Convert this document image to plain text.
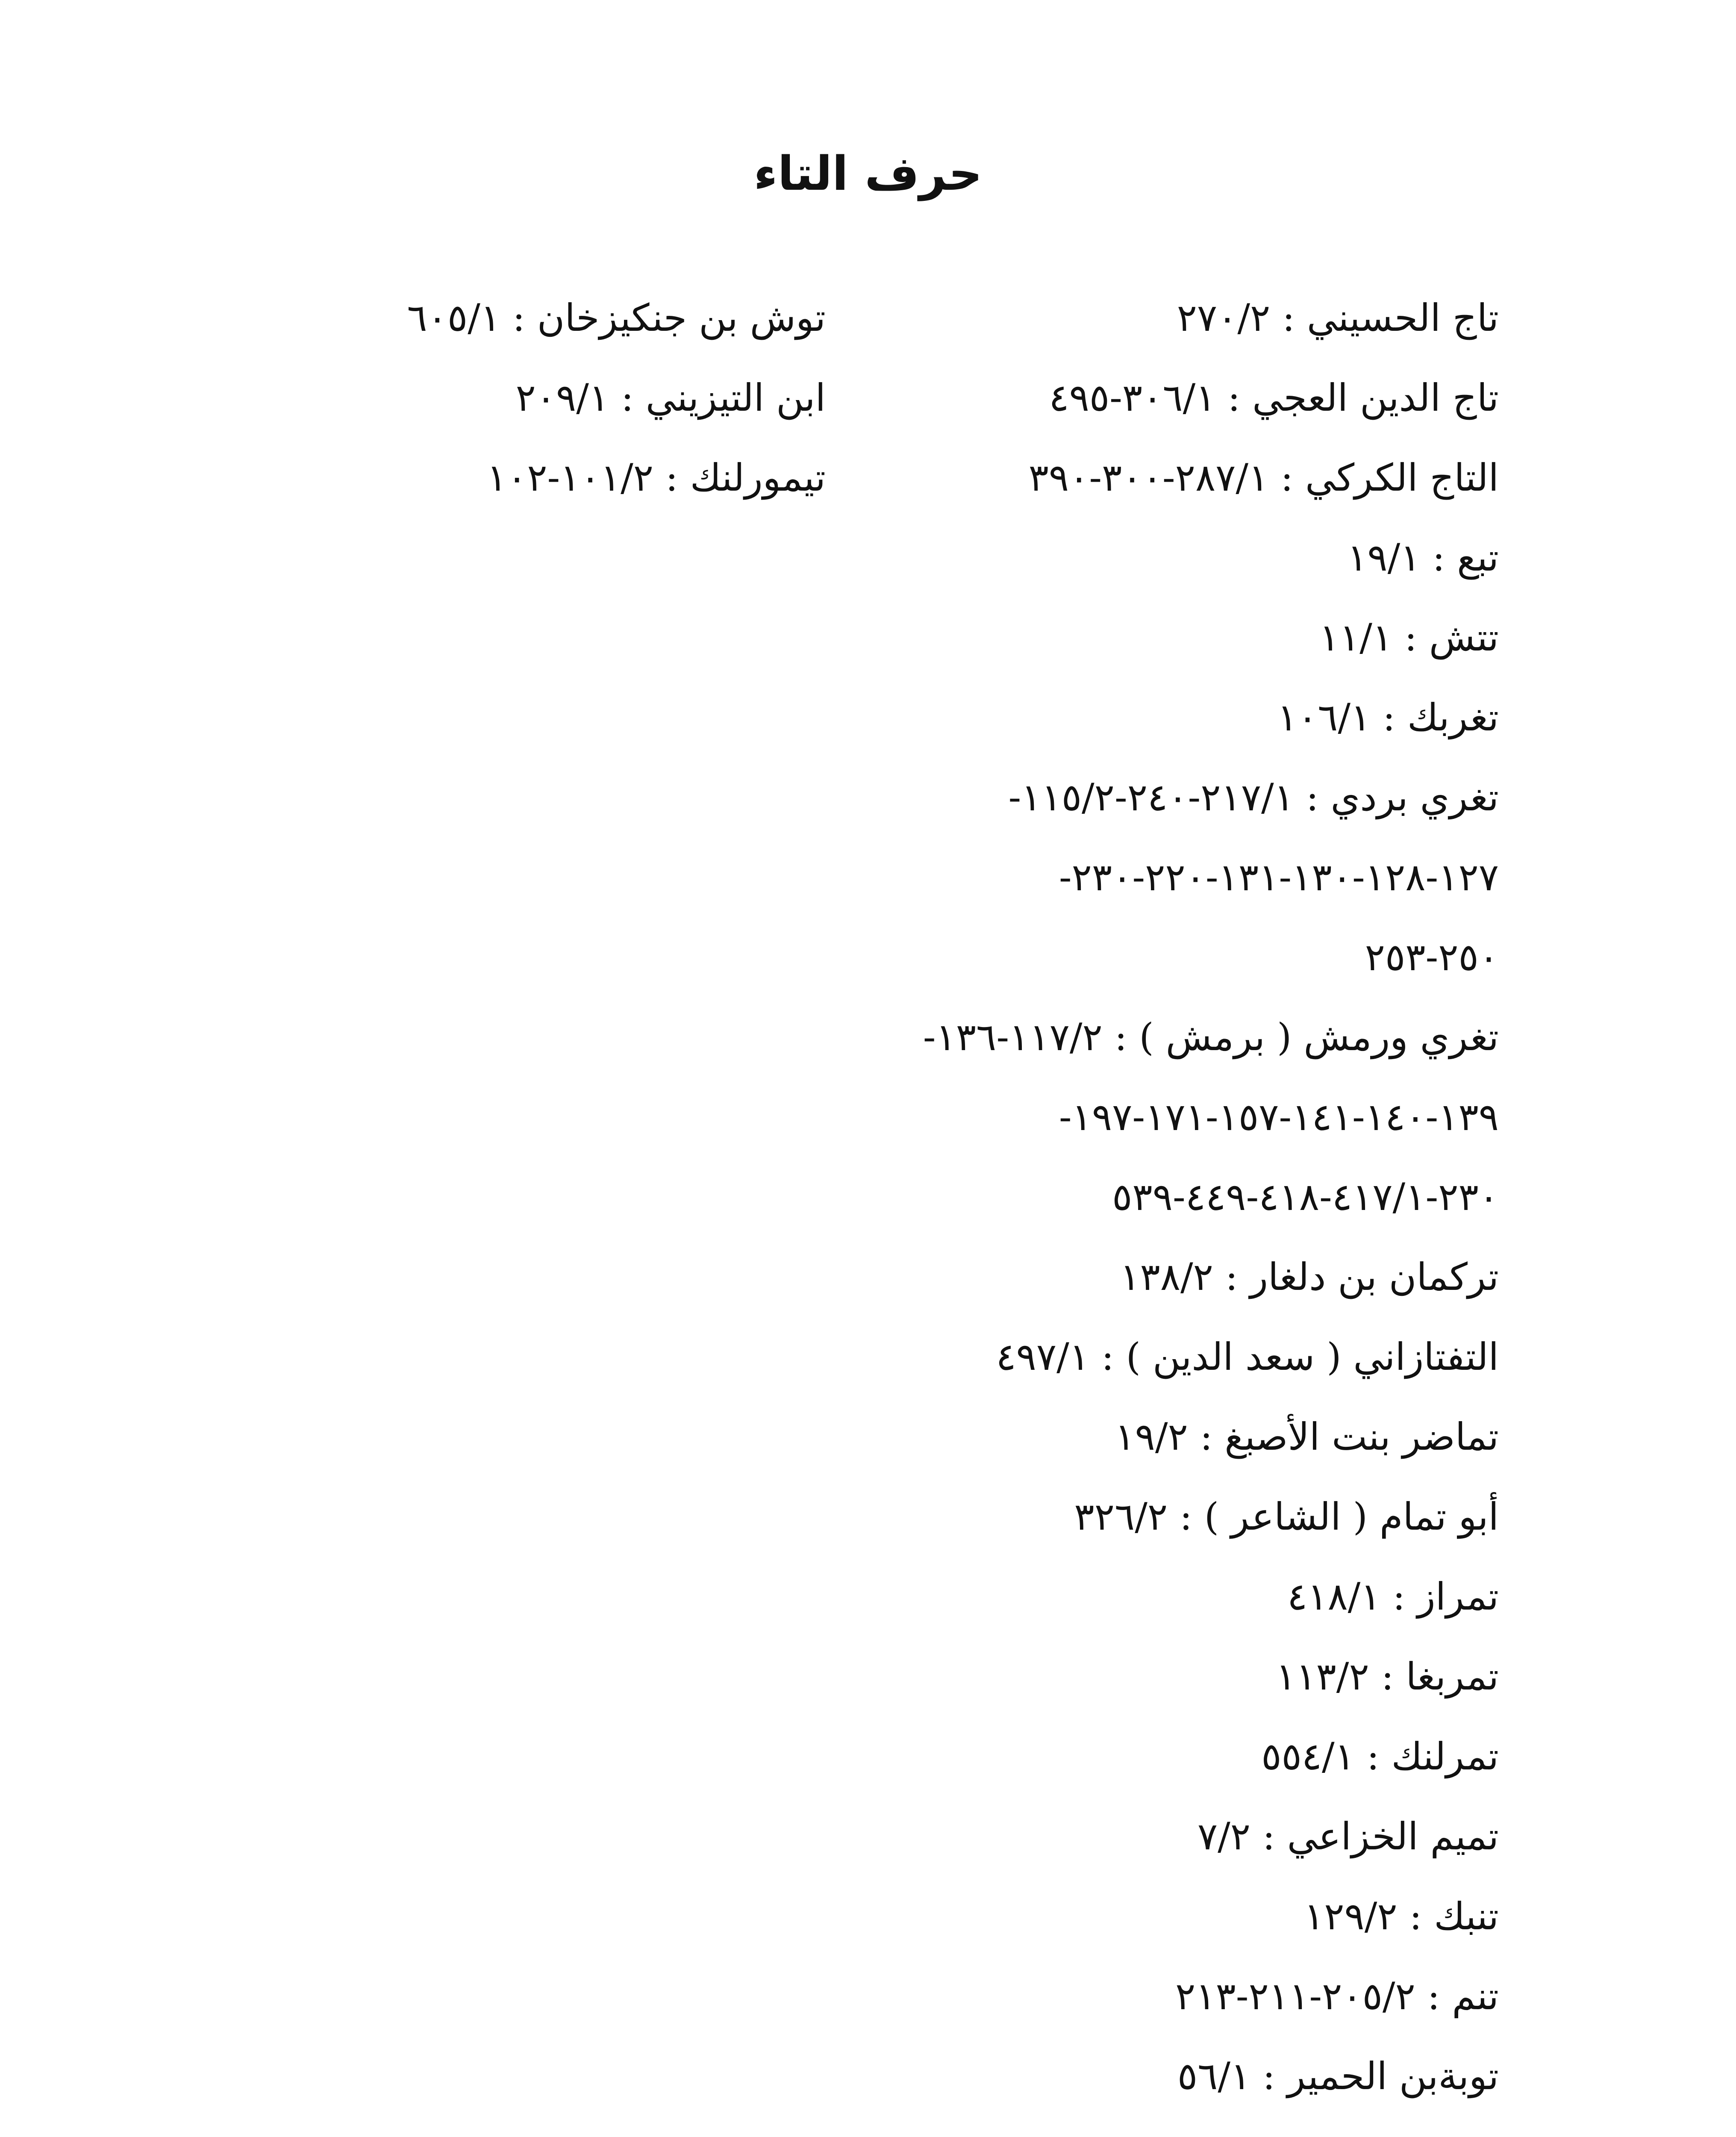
حرف التاء
تاج الحسيني : ٢٧٠/٢
تاج الدين العجي : ٣٠٦/١-٤٩٥
التاج الكركي : ٢٨٧/١-٣٠٠-٣٩٠
تبع : ١٩/١
تتش : ١١/١
تغربك : ١٠٦/١
تغري بردي : ٢١٧/١-٢٤٠-١١٥/٢-
١٢٧-١٢٨-١٣٠-١٣١-٢٢٠-٢٣٠-
٢٥٠-٢٥٣
تغري ورمش ( برمش ) : ١١٧/٢-١٣٦-
١٣٩-١٤٠-١٤١-١٥٧-١٧١-١٩٧-
٢٣٠-٤١٧/١-٤١٨-٤٤٩-٥٣٩
تركمان بن دلغار : ١٣٨/٢
التفتازاني ( سعد الدين ) : ٤٩٧/١
تماضر بنت الأصبغ : ١٩/٢
أبو تمام ( الشاعر ) : ٣٢٦/٢
تمراز : ٤١٨/١
تمربغا : ١١٣/٢
تمرلنك : ٥٥٤/١
تميم الخزاعي : ٧/٢
تنبك : ١٢٩/٢
تنم : ٢٠٥/٢-٢١١-٢١٣
توبةبن الحمير : ٥٦/١
توش بن جنكيزخان : ٦٠٥/١
ابن التيزيني : ٢٠٩/١
تيمورلنك : ١٠١/٢-١٠٢
